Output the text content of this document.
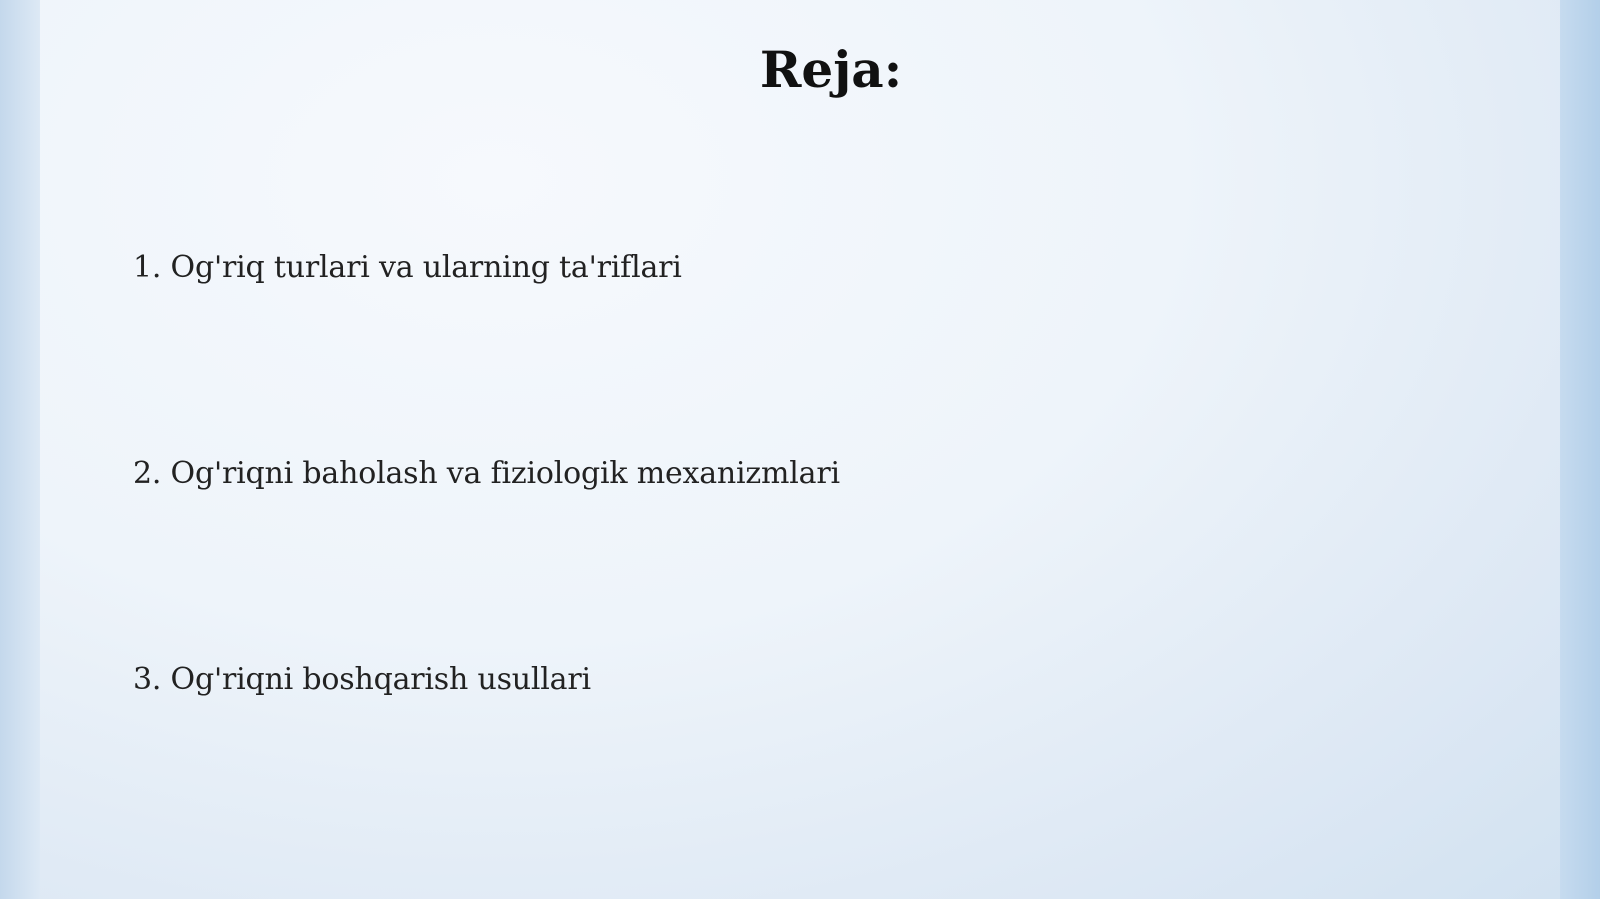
Reja:
1. Og'riq turlari va ularning ta'riflari
2. Og'riqni baholash va fiziologik mexanizmlari
3. Og'riqni boshqarish usullari
